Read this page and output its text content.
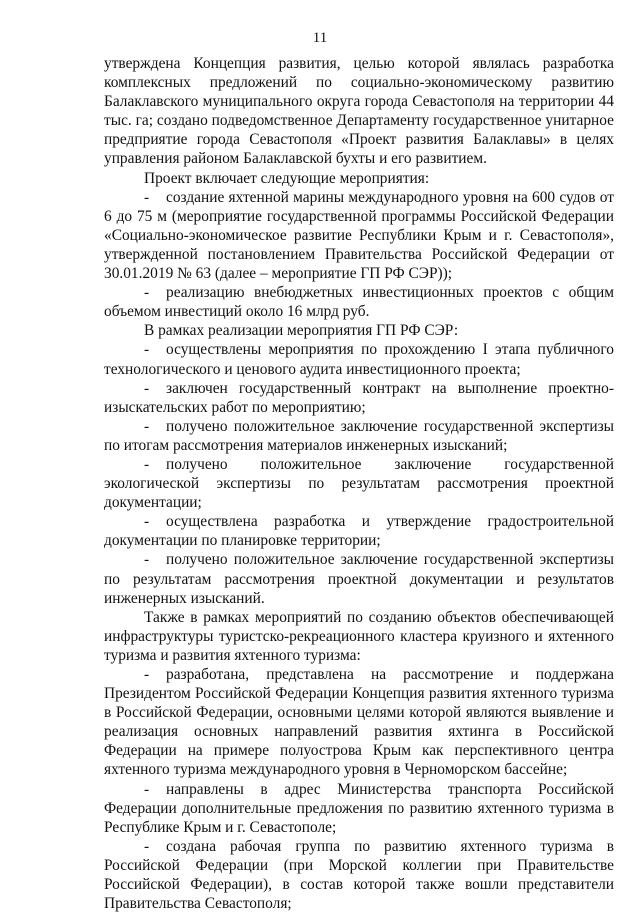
11

утверждена Концепция развития, целью которой являлась разработка комплексных предложений по социально-экономическому развитию Балаклавского муниципального округа города Севастополя на территории 44 тыс. га; создано подведомственное Департаменту государственное унитарное предприятие города Севастополя «Проект развития Балаклавы» в целях управления районом Балаклавской бухты и его развитием.

Проект включает следующие мероприятия:

- создание яхтенной марины международного уровня на 600 судов от 6 до 75 м (мероприятие государственной программы Российской Федерации «Социально-экономическое развитие Республики Крым и г. Севастополя», утвержденной постановлением Правительства Российской Федерации от 30.01.2019 № 63 (далее – мероприятие ГП РФ СЭР));

- реализацию внебюджетных инвестиционных проектов с общим объемом инвестиций около 16 млрд руб.

В рамках реализации мероприятия ГП РФ СЭР:

- осуществлены мероприятия по прохождению I этапа публичного технологического и ценового аудита инвестиционного проекта;

- заключен государственный контракт на выполнение проектно-изыскательских работ по мероприятию;

- получено положительное заключение государственной экспертизы по итогам рассмотрения материалов инженерных изысканий;

- получено положительное заключение государственной экологической экспертизы по результатам рассмотрения проектной документации;

- осуществлена разработка и утверждение градостроительной документации по планировке территории;

- получено положительное заключение государственной экспертизы по результатам рассмотрения проектной документации и результатов инженерных изысканий.

Также в рамках мероприятий по созданию объектов обеспечивающей инфраструктуры туристско-рекреационного кластера круизного и яхтенного туризма и развития яхтенного туризма:

- разработана, представлена на рассмотрение и поддержана Президентом Российской Федерации Концепция развития яхтенного туризма в Российской Федерации, основными целями которой являются выявление и реализация основных направлений развития яхтинга в Российской Федерации на примере полуострова Крым как перспективного центра яхтенного туризма международного уровня в Черноморском бассейне;

- направлены в адрес Министерства транспорта Российской Федерации дополнительные предложения по развитию яхтенного туризма в Республике Крым и г. Севастополе;

- создана рабочая группа по развитию яхтенного туризма в Российской Федерации (при Морской коллегии при Правительстве Российской Федерации), в состав которой также вошли представители Правительства Севастополя;
